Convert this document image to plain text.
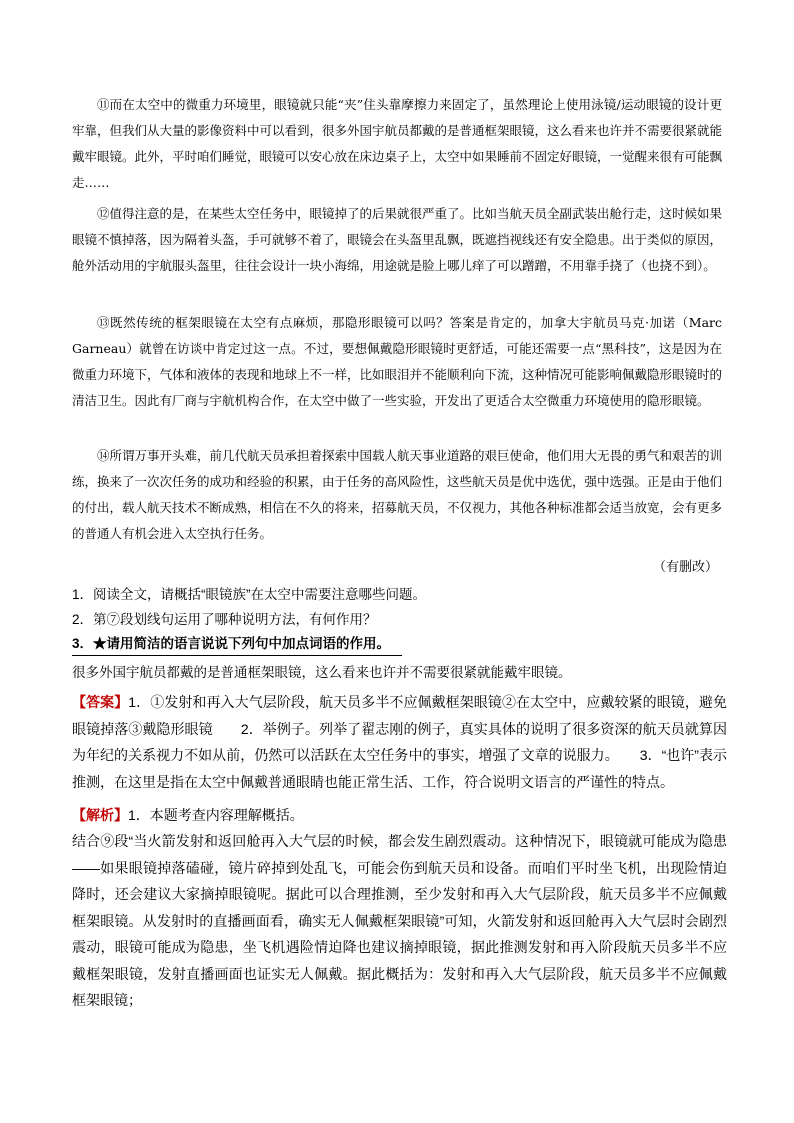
⑪而在太空中的微重力环境里，眼镜就只能“夹”住头靠摩擦力来固定了，虽然理论上使用泳镜/运动眼镜的设计更牢靠，但我们从大量的影像资料中可以看到，很多外国宇航员都戴的是普通框架眼镜，这么看来也许并不需要很紧就能戴牢眼镜。此外，平时咱们睡觉，眼镜可以安心放在床边桌子上，太空中如果睡前不固定好眼镜，一觉醒来很有可能飘走……

⑫值得注意的是，在某些太空任务中，眼镜掉了的后果就很严重了。比如当航天员全副武装出舱行走，这时候如果眼镜不慎掉落，因为隔着头盔，手可就够不着了，眼镜会在头盔里乱飘，既遮挡视线还有安全隐患。出于类似的原因，舱外活动用的宇航服头盔里，往往会设计一块小海绵，用途就是脸上哪儿痒了可以蹭蹭，不用靠手挠了（也挠不到）。

⑬既然传统的框架眼镜在太空有点麻烦，那隐形眼镜可以吗？答案是肯定的，加拿大宇航员马克·加诺（Marc Garneau）就曾在访谈中肯定过这一点。不过，要想佩戴隐形眼镜时更舒适，可能还需要一点“黑科技”，这是因为在微重力环境下，气体和液体的表现和地球上不一样，比如眼泪并不能顺利向下流，这种情况可能影响佩戴隐形眼镜时的清洁卫生。因此有厂商与宇航机构合作，在太空中做了一些实验，开发出了更适合太空微重力环境使用的隐形眼镜。

⑭所谓万事开头难，前几代航天员承担着探索中国载人航天事业道路的艰巨使命，他们用大无畏的勇气和艰苦的训练，换来了一次次任务的成功和经验的积累，由于任务的高风险性，这些航天员是优中选优，强中选强。正是由于他们的付出，载人航天技术不断成熟，相信在不久的将来，招募航天员，不仅视力，其他各种标准都会适当放宽，会有更多的普通人有机会进入太空执行任务。

（有删改）

1．阅读全文，请概括“眼镜族”在太空中需要注意哪些问题。

2．第⑦段划线句运用了哪种说明方法，有何作用？

3．★请用简洁的语言说说下列句中加点词语的作用。

很多外国宇航员都戴的是普通框架眼镜，这么看来也许并不需要很紧就能戴牢眼镜。

【答案】1．①发射和再入大气层阶段，航天员多半不应佩戴框架眼镜②在太空中，应戴较紧的眼镜，避免眼镜掉落③戴隐形眼镜　　2．举例子。列举了翟志刚的例子，真实具体的说明了很多资深的航天员就算因为年纪的关系视力不如从前，仍然可以活跃在太空任务中的事实，增强了文章的说服力。　　3．“也许”表示推测，在这里是指在太空中佩戴普通眼睛也能正常生活、工作，符合说明文语言的严谨性的特点。

【解析】1．本题考查内容理解概括。

结合⑨段“当火箭发射和返回舱再入大气层的时候，都会发生剧烈震动。这种情况下，眼镜就可能成为隐患——如果眼镜掉落磕碰，镜片碎掉到处乱飞，可能会伤到航天员和设备。而咱们平时坐飞机，出现险情迫降时，还会建议大家摘掉眼镜呢。据此可以合理推测，至少发射和再入大气层阶段，航天员多半不应佩戴框架眼镜。从发射时的直播画面看，确实无人佩戴框架眼镜”可知，火箭发射和返回舱再入大气层时会剧烈震动，眼镜可能成为隐患，坐飞机遇险情迫降也建议摘掉眼镜，据此推测发射和再入阶段航天员多半不应戴框架眼镜，发射直播画面也证实无人佩戴。据此概括为：发射和再入大气层阶段，航天员多半不应佩戴框架眼镜；
